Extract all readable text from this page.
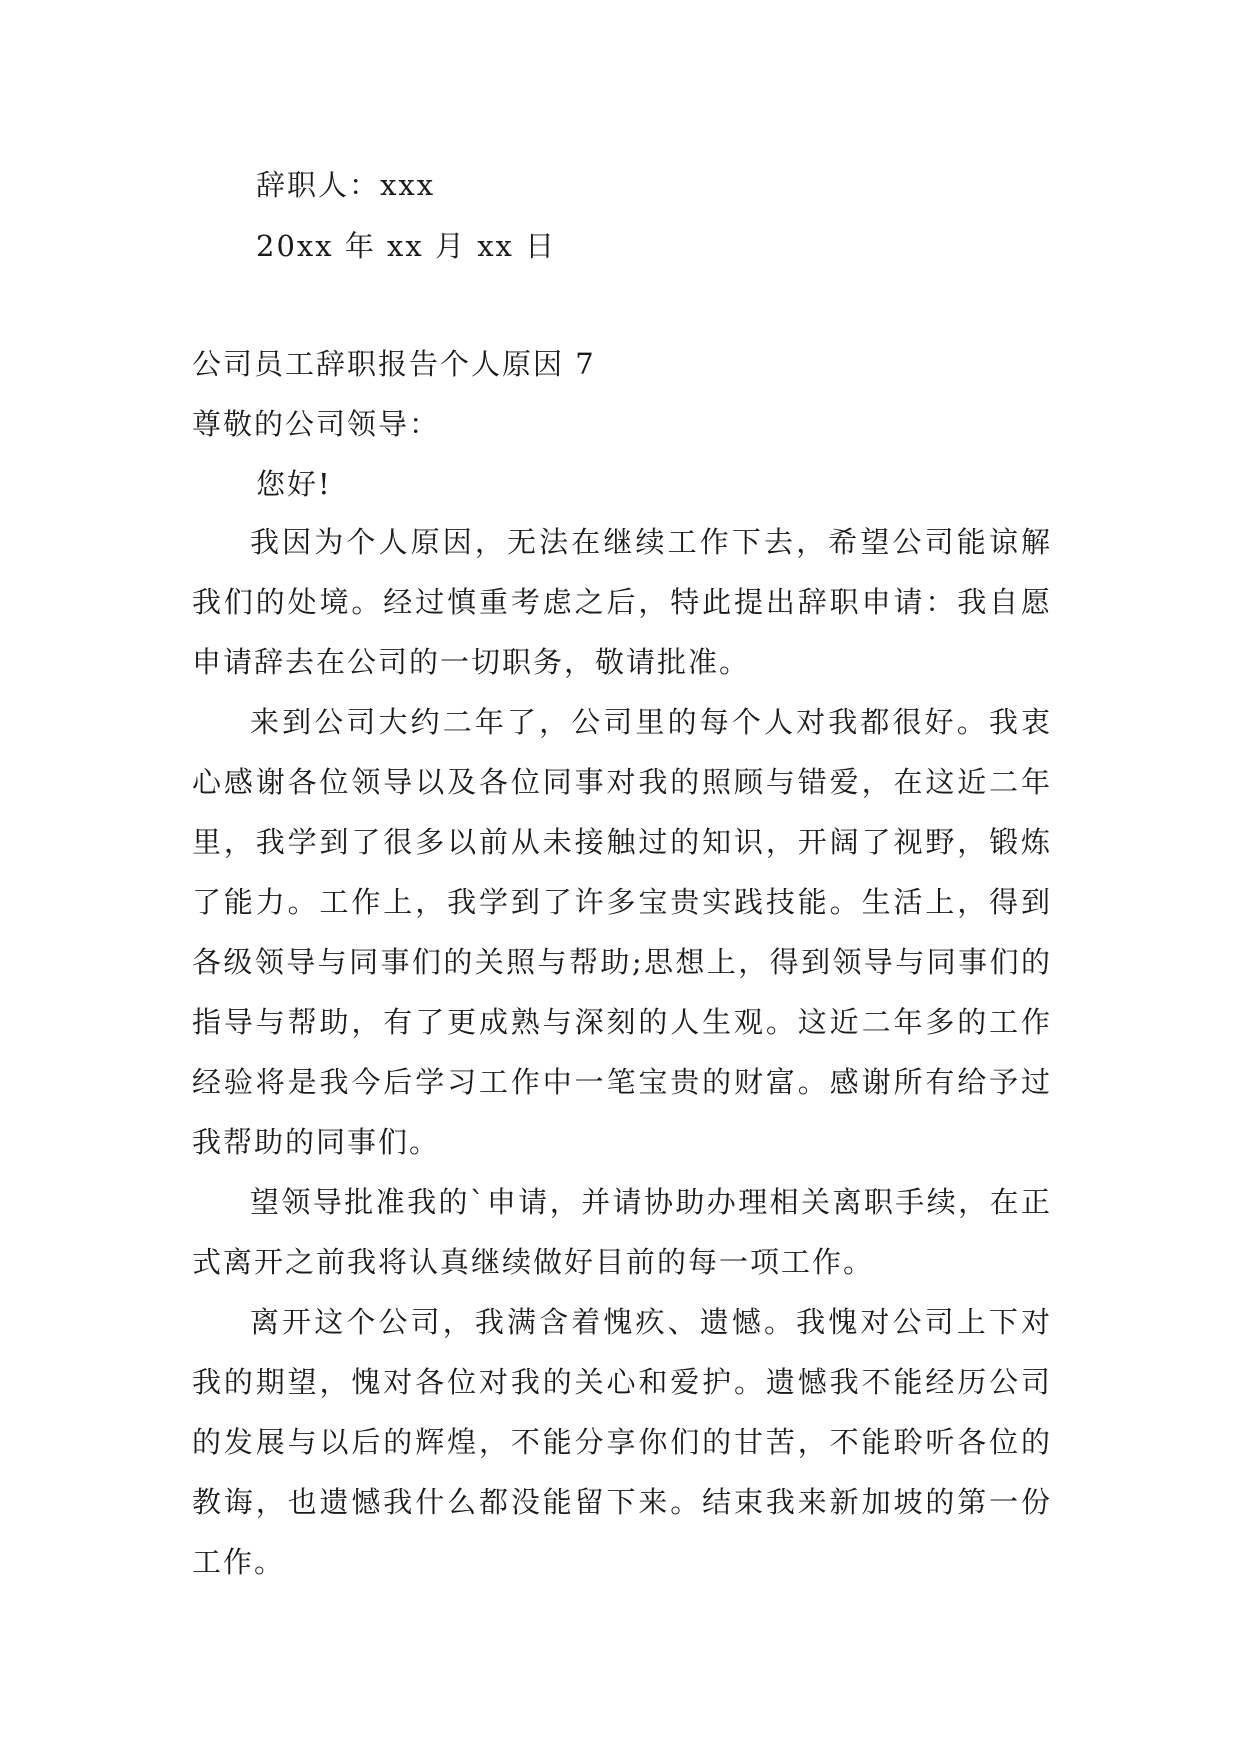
辞职人：xxx
20xx 年 xx 月 xx 日
公司员工辞职报告个人原因 7
尊敬的公司领导：
您好!

我因为个人原因，无法在继续工作下去，希望公司能谅解我们的处境。经过慎重考虑之后，特此提出辞职申请：我自愿申请辞去在公司的一切职务，敬请批准。

来到公司大约二年了，公司里的每个人对我都很好。我衷心感谢各位领导以及各位同事对我的照顾与错爱，在这近二年里，我学到了很多以前从未接触过的知识，开阔了视野，锻炼了能力。工作上，我学到了许多宝贵实践技能。生活上，得到各级领导与同事们的关照与帮助;思想上，得到领导与同事们的指导与帮助，有了更成熟与深刻的人生观。这近二年多的工作经验将是我今后学习工作中一笔宝贵的财富。感谢所有给予过我帮助的同事们。

望领导批准我的`申请，并请协助办理相关离职手续，在正式离开之前我将认真继续做好目前的每一项工作。

离开这个公司，我满含着愧疚、遗憾。我愧对公司上下对我的期望，愧对各位对我的关心和爱护。遗憾我不能经历公司的发展与以后的辉煌，不能分享你们的甘苦，不能聆听各位的教诲，也遗憾我什么都没能留下来。结束我来新加坡的第一份工作。
